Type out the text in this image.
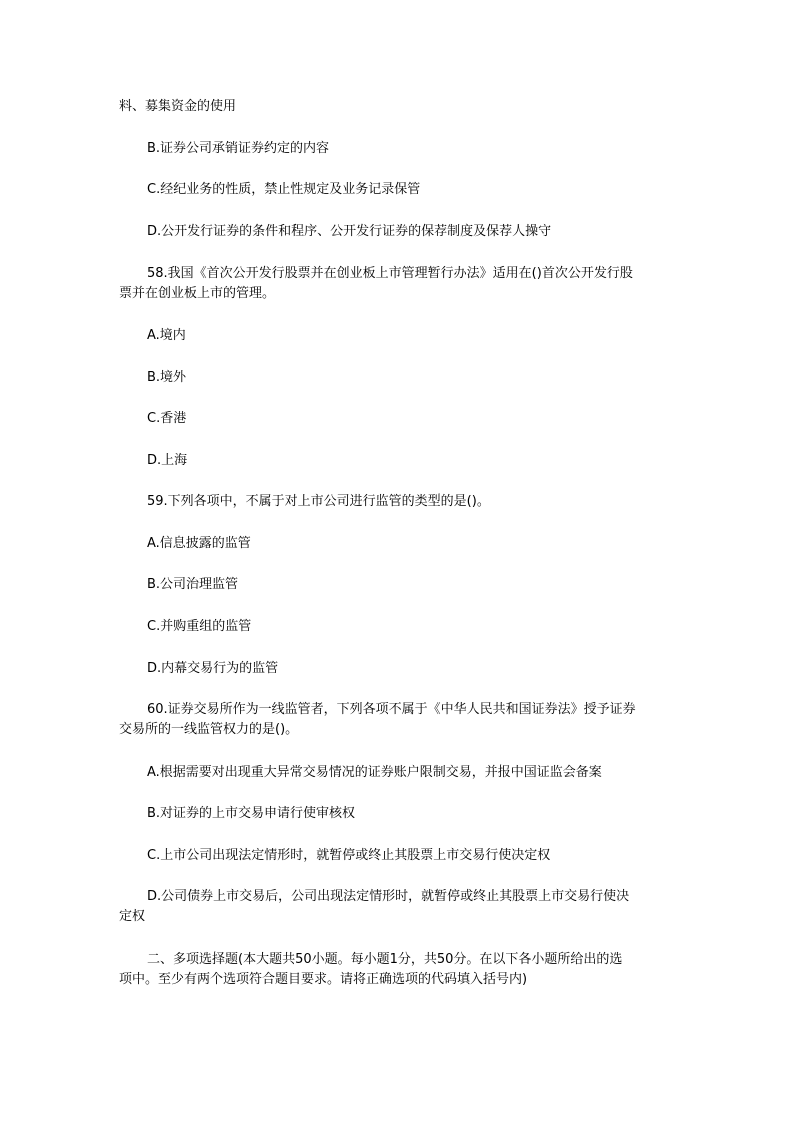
料、募集资金的使用
B.证券公司承销证券约定的内容
C.经纪业务的性质，禁止性规定及业务记录保管
D.公开发行证券的条件和程序、公开发行证券的保荐制度及保荐人操守
58.我国《首次公开发行股票并在创业板上市管理暂行办法》适用在()首次公开发行股
票并在创业板上市的管理。
A.境内
B.境外
C.香港
D.上海
59.下列各项中，不属于对上市公司进行监管的类型的是()。
A.信息披露的监管
B.公司治理监管
C.并购重组的监管
D.内幕交易行为的监管
60.证券交易所作为一线监管者，下列各项不属于《中华人民共和国证券法》授予证券
交易所的一线监管权力的是()。
A.根据需要对出现重大异常交易情况的证券账户限制交易，并报中国证监会备案
B.对证券的上市交易申请行使审核权
C.上市公司出现法定情形时，就暂停或终止其股票上市交易行使决定权
D.公司债券上市交易后，公司出现法定情形时，就暂停或终止其股票上市交易行使决
定权
二、多项选择题(本大题共50小题。每小题1分，共50分。在以下各小题所给出的选
项中。至少有两个选项符合题目要求。请将正确选项的代码填入括号内)
